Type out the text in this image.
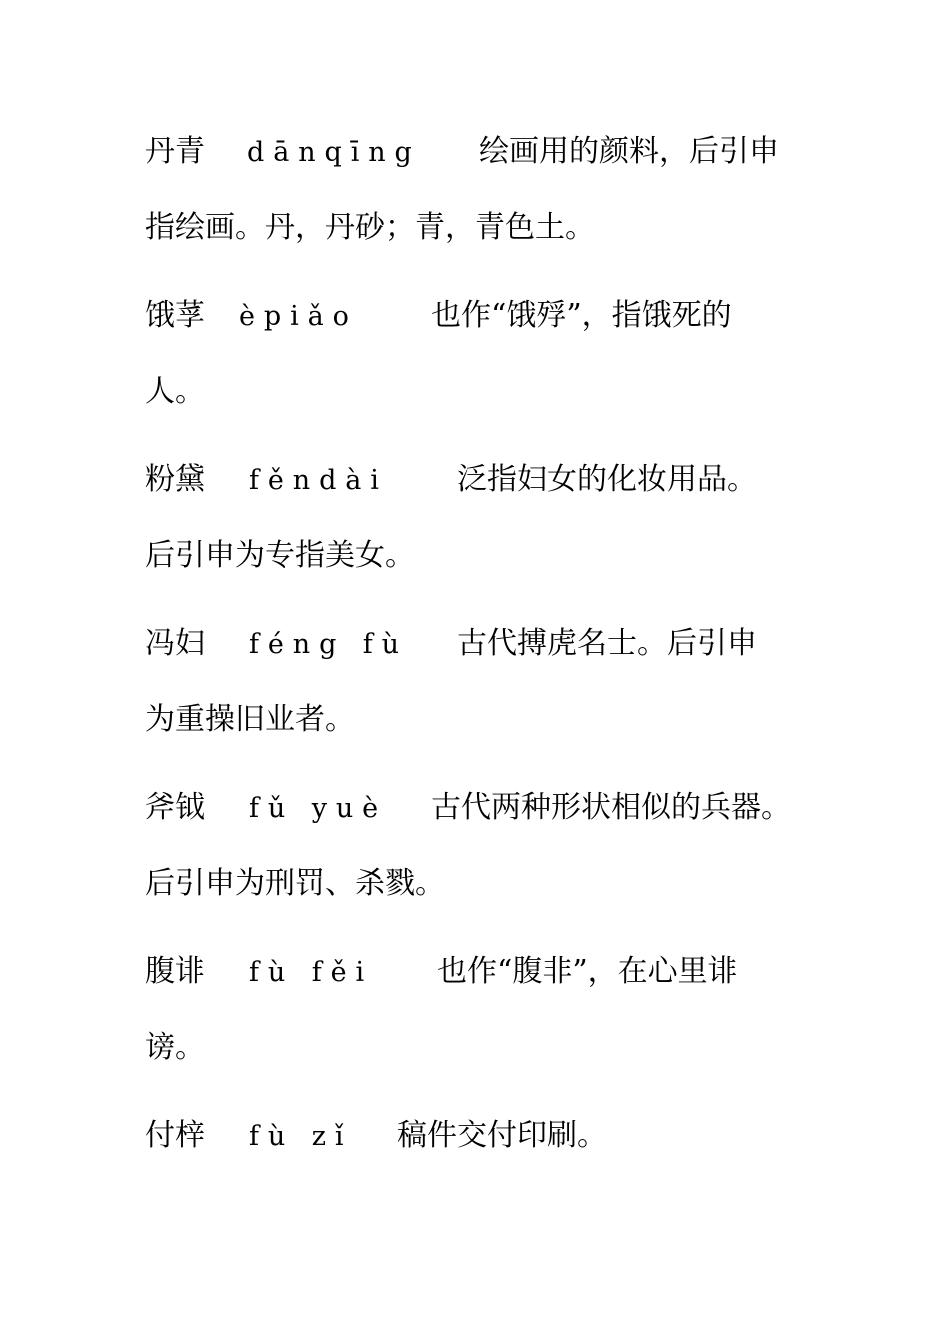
丹青 dānqīng 绘画用的颜料，后引申
指绘画。丹，丹砂；青，青色土。
饿莩 èpiǎo 也作“饿殍”，指饿死的
人。
粉黛 fěndài 泛指妇女的化妆用品。
后引申为专指美女。
冯妇 féng fù 古代搏虎名士。后引申
为重操旧业者。
斧钺 fǔ yuè 古代两种形状相似的兵器。
后引申为刑罚、杀戮。
腹诽 fù fěi 也作“腹非”，在心里诽
谤。
付梓 fù zǐ 稿件交付印刷。
